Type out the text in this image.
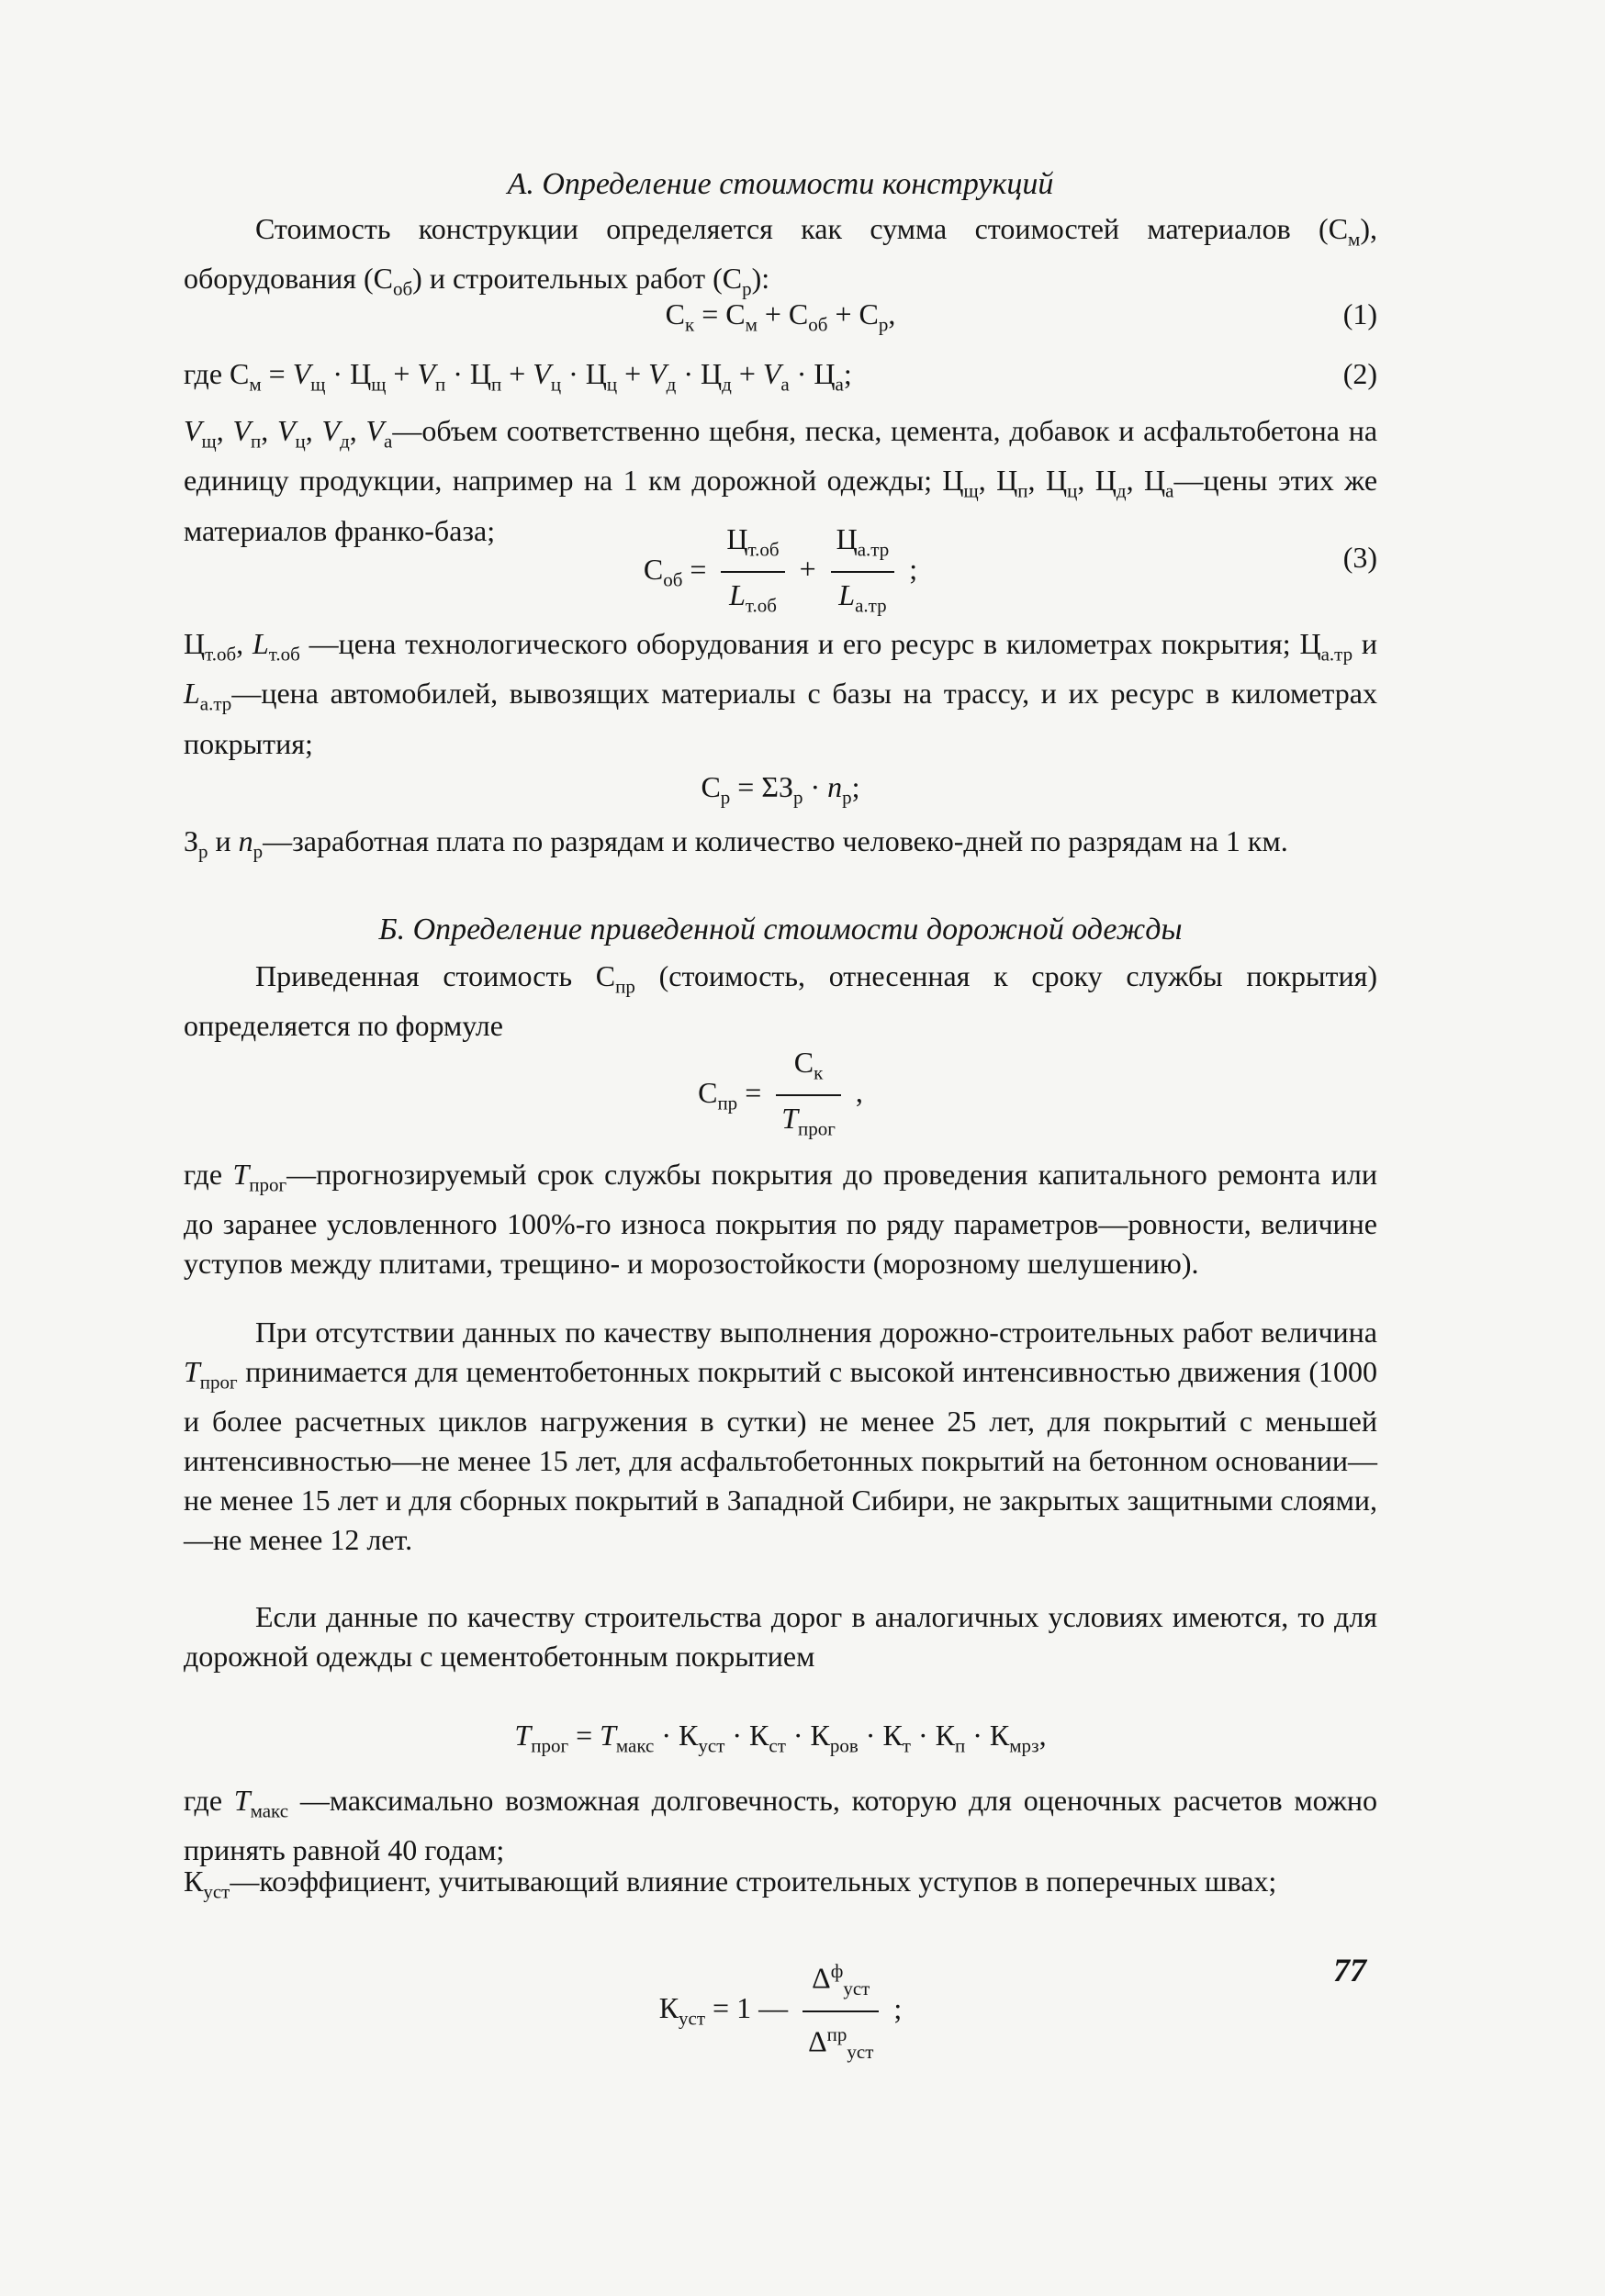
А. Определение стоимости конструкций
Стоимость конструкции определяется как сумма стоимостей материалов $(С_м)$, оборудования $(С_{об})$ и строительных работ $(С_р)$:
$С_к = С_м + С_{об} + С_р$,	(1)
где $С_м = V_щ \cdot Ц_щ + V_п \cdot Ц_п + V_ц \cdot Ц_ц + V_д \cdot Ц_д + V_а \cdot Ц_а$;	(2)
$V_щ$, $V_п$, $V_ц$, $V_д$, $V_а—объем$ соответственно щебня, песка, цемента, добавок и асфальтобетона на единицу продукции, например на 1 км дорожной одежды; $Ц_щ$, $Ц_п$, $Ц_ц$, $Ц_д$, $Ц_а—цены$ этих же материалов франко-база;
$С_{об} = \frac{Ц_{т.об}}{L_{т.об}} + \frac{Ц_{а.тр}}{L_{а.тр}}$ ;	(3)
$Ц_{т.об}$, $L_{т.об}$ —цена технологического оборудования и его ресурс в километрах покрытия; $Ц_{а.тр}$ и $L_{а.тр}—цена$ автомобилей, вывозящих материалы с базы на трассу, и их ресурс в километрах покрытия;
$С_р = \Sigma З_р \cdot n_р$;
$З_р$ и $n_р—заработная$ плата по разрядам и количество человеко-дней по разрядам на 1 км.
Б. Определение приведенной стоимости дорожной одежды
Приведенная стоимость $С_{пр}$ (стоимость, отнесенная к сроку службы покрытия) определяется по формуле
$С_{пр} = \frac{С_к}{Т_{прог}}$ ,
где $Т_{прог}—прогнозируемый$ срок службы покрытия до проведения капитального ремонта или до заранее условленного 100%-го износа покрытия по ряду параметров—ровности, величине уступов между плитами, трещино- и морозостойкости (морозному шелушению).
При отсутствии данных по качеству выполнения дорожно-строительных работ величина $Т_{прог}$ принимается для цементобетонных покрытий с высокой интенсивностью движения (1000 и более расчетных циклов нагружения в сутки) не менее 25 лет, для покрытий с меньшей интенсивностью—не менее 15 лет, для асфальтобетонных покрытий на бетонном основании—не менее 15 лет и для сборных покрытий в Западной Сибири, не закрытых защитными слоями,—не менее 12 лет.
Если данные по качеству строительства дорог в аналогичных условиях имеются, то для дорожной одежды с цементобетонным покрытием
$Т_{прог} = Т_{макс} \cdot К_{уст} \cdot К_{ст} \cdot К_{ров} \cdot К_т \cdot К_п \cdot К_{мрз}$,
где $Т_{макс}$ —максимально возможная долговечность, которую для оценочных расчетов можно принять равной 40 годам;
$К_{уст}—коэффициент$, учитывающий влияние строительных уступов в поперечных швах;
$К_{уст} = 1$ — $\frac{\Delta^ф_{уст}}{\Delta^{пр}_{уст}}$ ;
77
